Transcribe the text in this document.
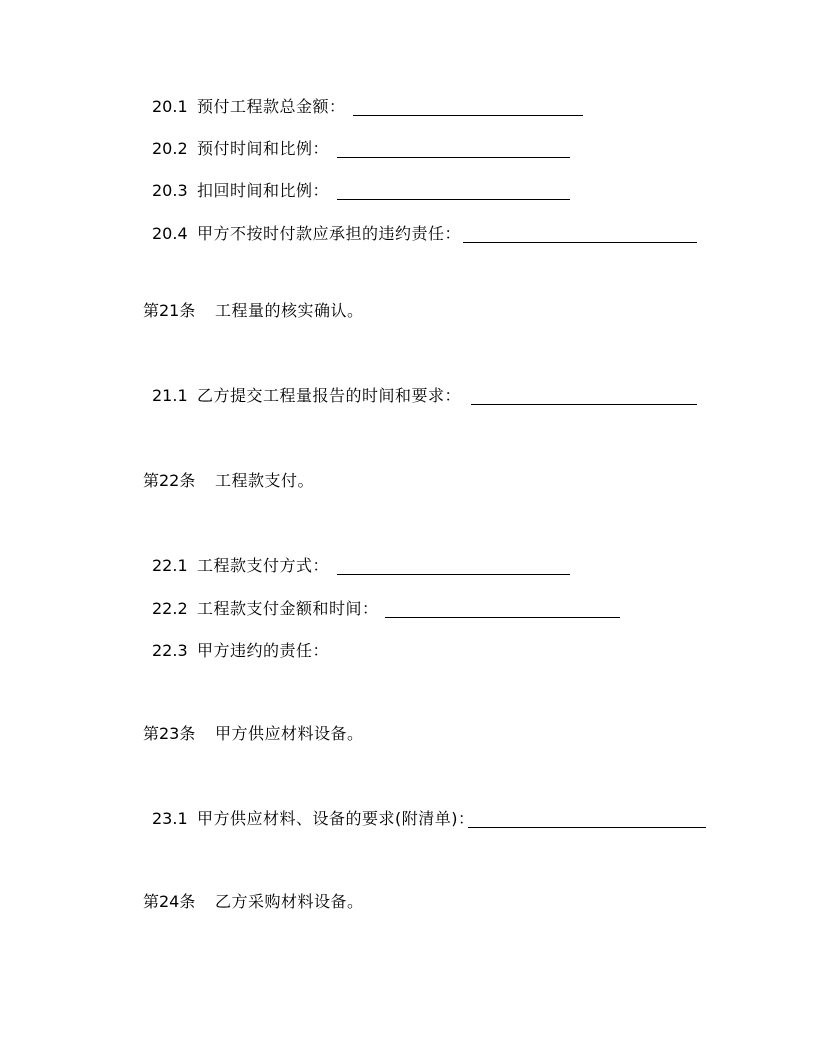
20.1 预付工程款总金额：
20.2 预付时间和比例：
20.3 扣回时间和比例：
20.4 甲方不按时付款应承担的违约责任：
第21条 工程量的核实确认。
21.1 乙方提交工程量报告的时间和要求：
第22条 工程款支付。
22.1 工程款支付方式：
22.2 工程款支付金额和时间：
22.3 甲方违约的责任：
第23条 甲方供应材料设备。
23.1 甲方供应材料、设备的要求(附清单)：
第24条 乙方采购材料设备。
